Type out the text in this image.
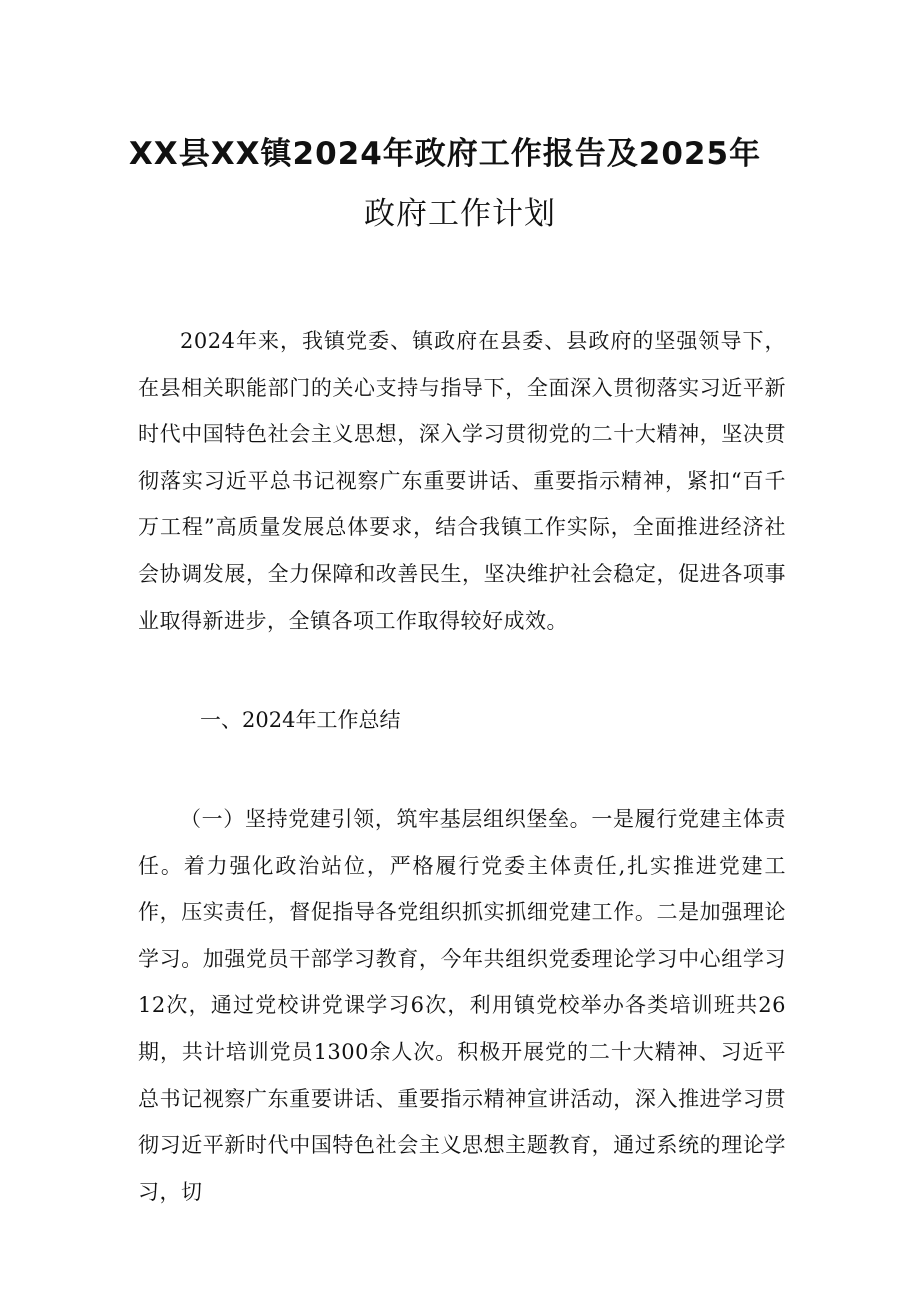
XX县XX镇2024年政府工作报告及2025年
政府工作计划

2024年来，我镇党委、镇政府在县委、县政府的坚强领导下，在县相关职能部门的关心支持与指导下，全面深入贯彻落实习近平新时代中国特色社会主义思想，深入学习贯彻党的二十大精神，坚决贯彻落实习近平总书记视察广东重要讲话、重要指示精神，紧扣“百千万工程”高质量发展总体要求，结合我镇工作实际，全面推进经济社会协调发展，全力保障和改善民生，坚决维护社会稳定，促进各项事业取得新进步，全镇各项工作取得较好成效。

一、2024年工作总结

（一）坚持党建引领，筑牢基层组织堡垒。一是履行党建主体责任。着力强化政治站位，严格履行党委主体责任,扎实推进党建工作，压实责任，督促指导各党组织抓实抓细党建工作。二是加强理论学习。加强党员干部学习教育，今年共组织党委理论学习中心组学习12次，通过党校讲党课学习6次，利用镇党校举办各类培训班共26期，共计培训党员1300余人次。积极开展党的二十大精神、习近平总书记视察广东重要讲话、重要指示精神宣讲活动，深入推进学习贯彻习近平新时代中国特色社会主义思想主题教育，通过系统的理论学习，切
